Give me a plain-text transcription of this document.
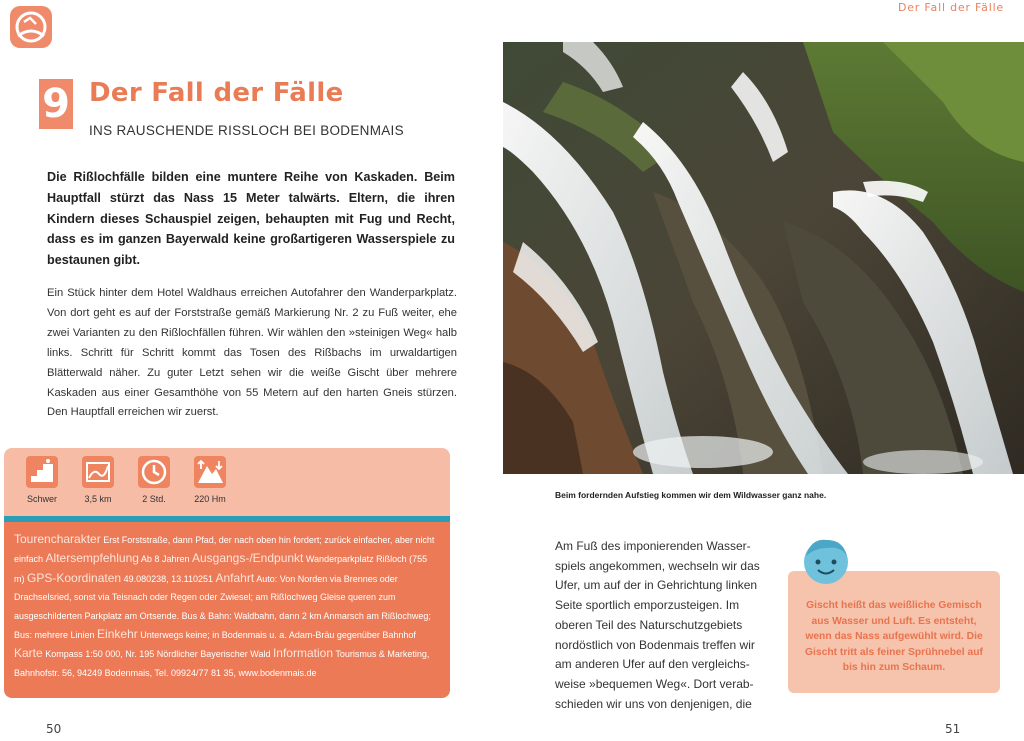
9 Der Fall der Fälle
INS RAUSCHENDE RISSLOCH BEI BODENMAIS
Die Rißlochfälle bilden eine muntere Reihe von Kaskaden. Beim Hauptfall stürzt das Nass 15 Meter talwärts. Eltern, die ihren Kindern dieses Schauspiel zeigen, behaupten mit Fug und Recht, dass es im ganzen Bayerwald keine großartigeren Wasserspiele zu bestaunen gibt.
Ein Stück hinter dem Hotel Waldhaus erreichen Autofahrer den Wanderparkplatz. Von dort geht es auf der Forststraße gemäß Markierung Nr. 2 zu Fuß weiter, ehe zwei Varianten zu den Rißlochfällen führen. Wir wählen den »steinigen Weg« halb links. Schritt für Schritt kommt das Tosen des Rißbachs im urwaldartigen Blätterwald näher. Zu guter Letzt sehen wir die weiße Gischt über mehrere Kaskaden aus einer Gesamthöhe von 55 Metern auf den harten Gneis stürzen. Den Hauptfall erreichen wir zuerst.
Schwer	3,5 km	2 Std.	220 Hm
Tourencharakter Erst Forststraße, dann Pfad, der nach oben hin fordert; zurück einfacher, aber nicht einfach Altersempfehlung Ab 8 Jahren Ausgangs-/Endpunkt Wanderparkplatz Rißloch (755 m) GPS-Koordinaten 49.080238, 13.110251 Anfahrt Auto: Von Norden via Brennes oder Drachselsried, sonst via Teisnach oder Regen oder Zwiesel; am Rißlochweg Gleise queren zum ausgeschilderten Parkplatz am Ortsende. Bus & Bahn: Waldbahn, dann 2 km Anmarsch am Rißlochweg; Bus: mehrere Linien Einkehr Unterwegs keine; in Bodenmais u. a. Adam-Bräu gegenüber Bahnhof Karte Kompass 1:50 000, Nr. 195 Nördlicher Bayerischer Wald Information Tourismus & Marketing, Bahnhofstr. 56, 94249 Bodenmais, Tel. 09924/77 81 35, www.bodenmais.de
50
Der Fall der Fälle
Beim fordernden Aufstieg kommen wir dem Wildwasser ganz nahe.
Am Fuß des imponierenden Wasser-
spiels angekommen, wechseln wir das
Ufer, um auf der in Gehrichtung linken
Seite sportlich emporzusteigen. Im
oberen Teil des Naturschutzgebiets
nordöstlich von Bodenmais treffen wir
am anderen Ufer auf den vergleichs-
weise »bequemen Weg«. Dort verab-
schieden wir uns von denjenigen, die
Gischt heißt das weißliche Gemisch aus Wasser und Luft. Es entsteht, wenn das Nass aufgewühlt wird. Die Gischt tritt als feiner Sprühnebel auf bis hin zum Schaum.
51
